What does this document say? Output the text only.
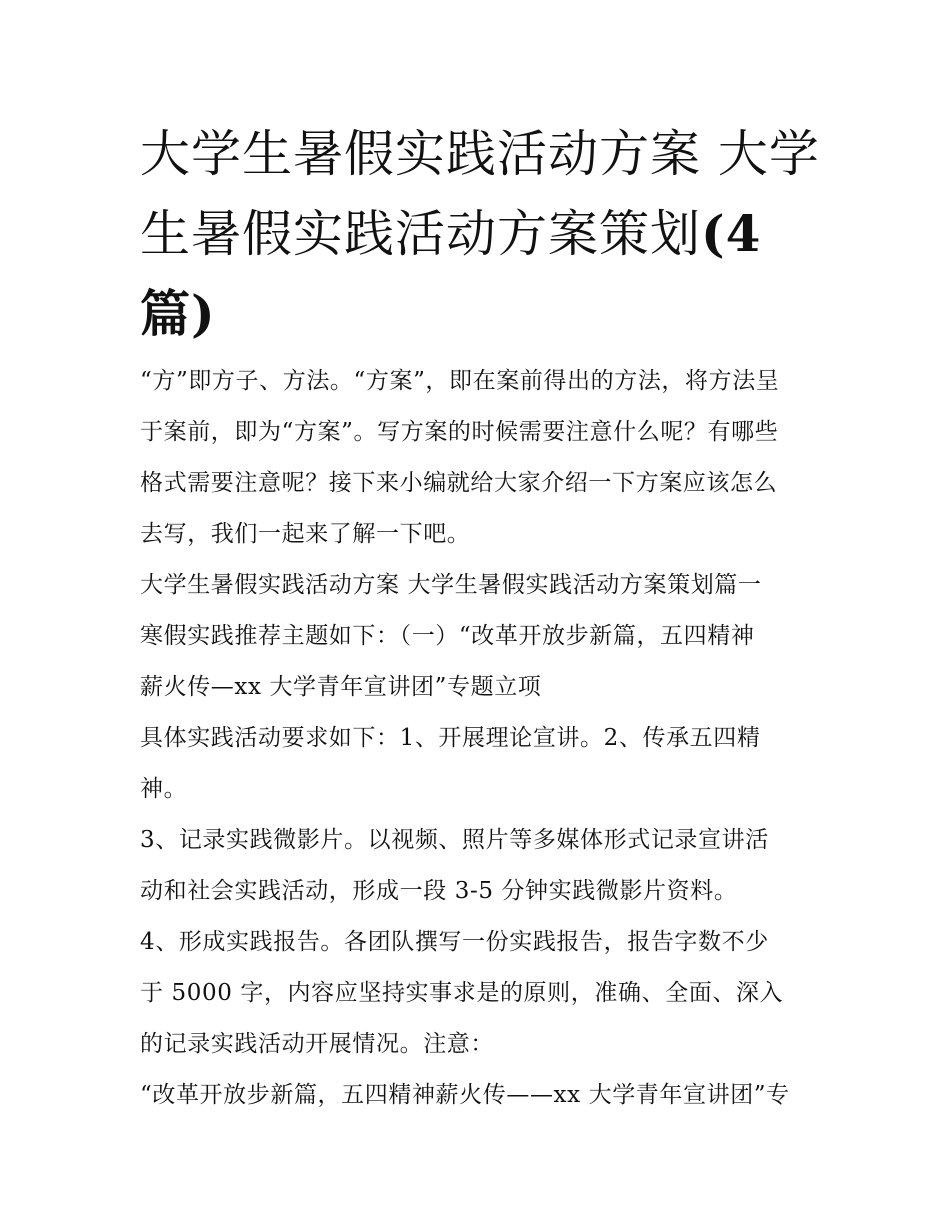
大学生暑假实践活动方案 大学
生暑假实践活动方案策划(4
篇)

“方”即方子、方法。“方案”，即在案前得出的方法，将方法呈
于案前，即为“方案”。写方案的时候需要注意什么呢？有哪些
格式需要注意呢？接下来小编就给大家介绍一下方案应该怎么
去写，我们一起来了解一下吧。

大学生暑假实践活动方案 大学生暑假实践活动方案策划篇一
寒假实践推荐主题如下：（一）“改革开放步新篇，五四精神
薪火传—xx 大学青年宣讲团”专题立项

具体实践活动要求如下：1、开展理论宣讲。2、传承五四精
神。

3、记录实践微影片。以视频、照片等多媒体形式记录宣讲活
动和社会实践活动，形成一段 3-5 分钟实践微影片资料。

4、形成实践报告。各团队撰写一份实践报告，报告字数不少
于 5000 字，内容应坚持实事求是的原则，准确、全面、深入
的记录实践活动开展情况。注意：

“改革开放步新篇，五四精神薪火传——xx 大学青年宣讲团”专
